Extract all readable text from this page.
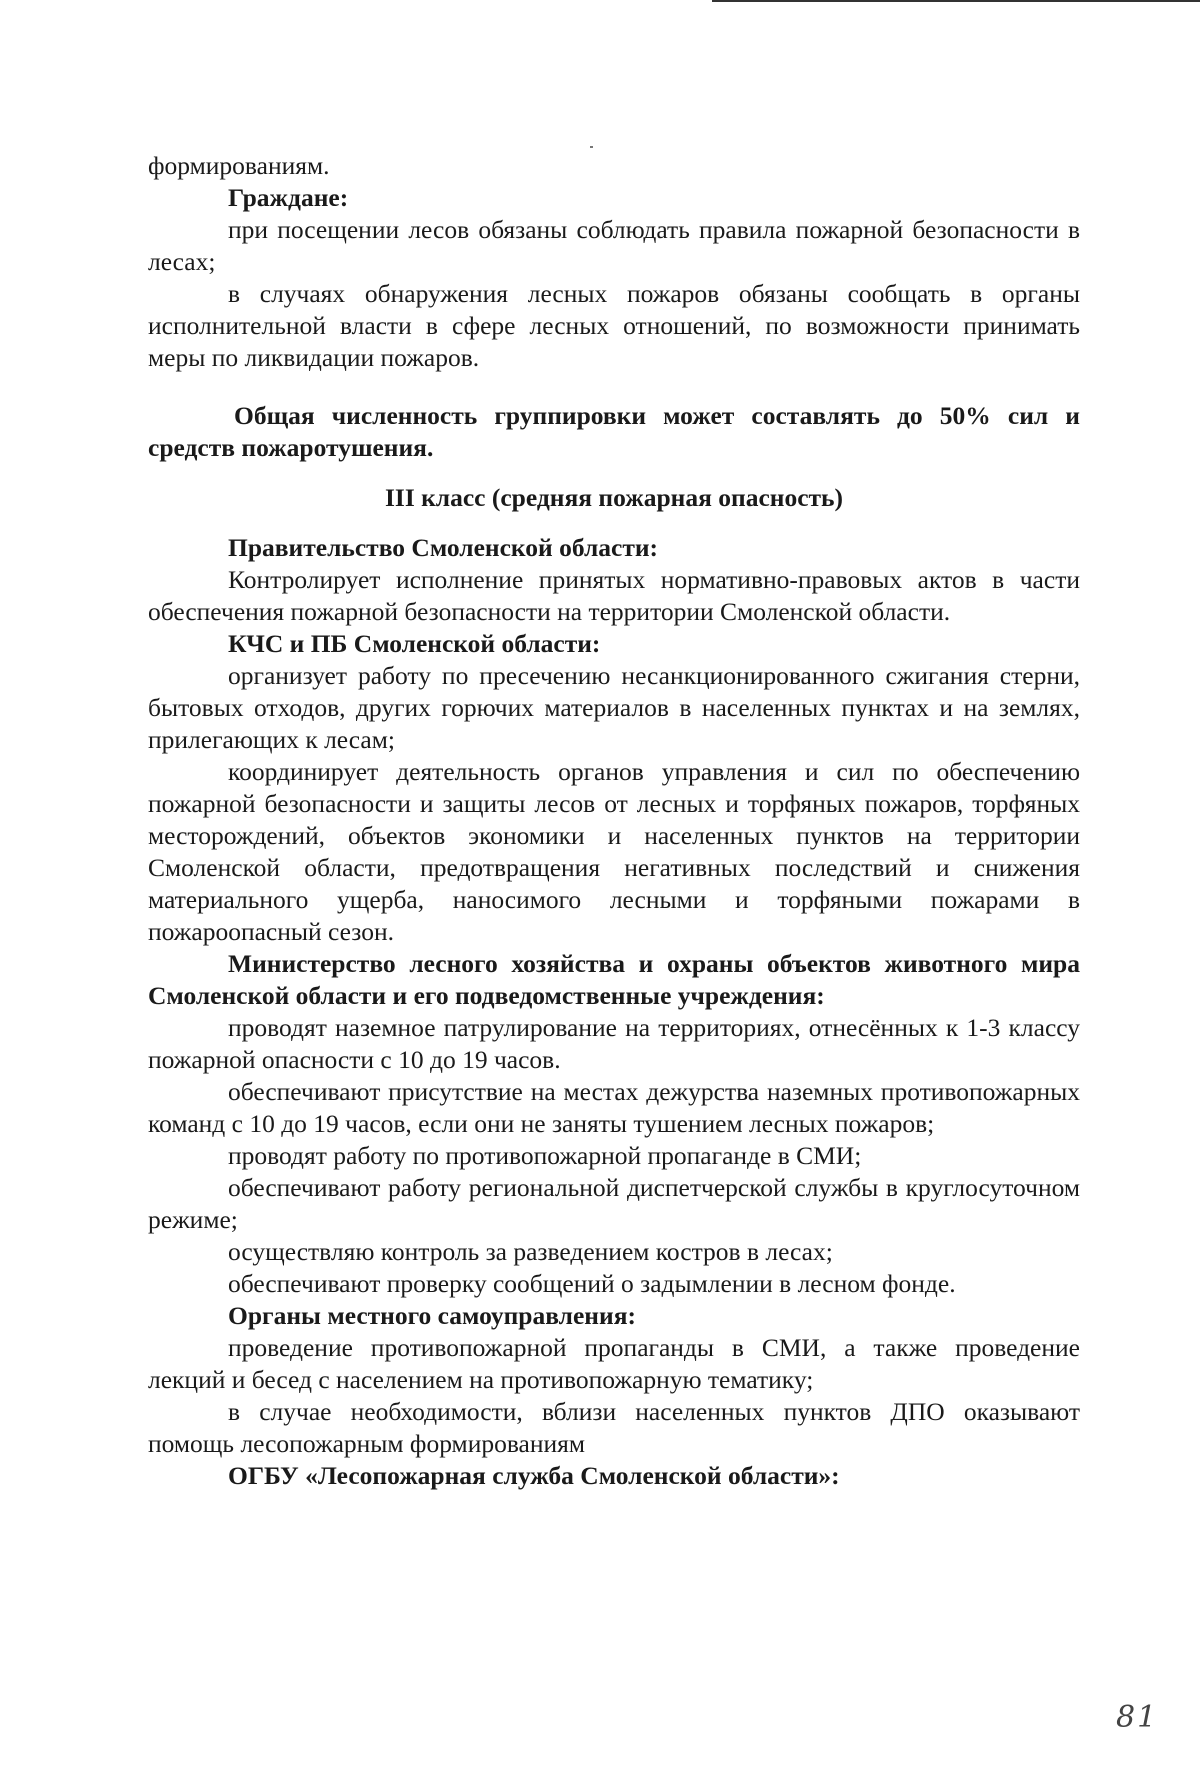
формированиям.

Граждане:

при посещении лесов обязаны соблюдать правила пожарной безопасности в лесах;

в случаях обнаружения лесных пожаров обязаны сообщать в органы исполнительной власти в сфере лесных отношений, по возможности принимать меры по ликвидации пожаров.

Общая численность группировки может составлять до 50% сил и средств пожаротушения.

III класс (средняя пожарная опасность)

Правительство Смоленской области:

Контролирует исполнение принятых нормативно-правовых актов в части обеспечения пожарной безопасности на территории Смоленской области.

КЧС и ПБ Смоленской области:

организует работу по пресечению несанкционированного сжигания стерни, бытовых отходов, других горючих материалов в населенных пунктах и на землях, прилегающих к лесам;

координирует деятельность органов управления и сил по обеспечению пожарной безопасности и защиты лесов от лесных и торфяных пожаров, торфяных месторождений, объектов экономики и населенных пунктов на территории Смоленской области, предотвращения негативных последствий и снижения материального ущерба, наносимого лесными и торфяными пожарами в пожароопасный сезон.

Министерство лесного хозяйства и охраны объектов животного мира Смоленской области и его подведомственные учреждения:

проводят наземное патрулирование на территориях, отнесённых к 1-3 классу пожарной опасности с 10 до 19 часов.

обеспечивают присутствие на местах дежурства наземных противопожарных команд с 10 до 19 часов, если они не заняты тушением лесных пожаров;

проводят работу по противопожарной пропаганде в СМИ;

обеспечивают работу региональной диспетчерской службы в круглосуточном режиме;

осуществляю контроль за разведением костров в лесах;

обеспечивают проверку сообщений о задымлении в лесном фонде.

Органы местного самоуправления:

проведение противопожарной пропаганды в СМИ, а также проведение лекций и бесед с населением на противопожарную тематику;

в случае необходимости, вблизи населенных пунктов ДПО оказывают помощь лесопожарным формированиям

ОГБУ «Лесопожарная служба Смоленской области»:

81
